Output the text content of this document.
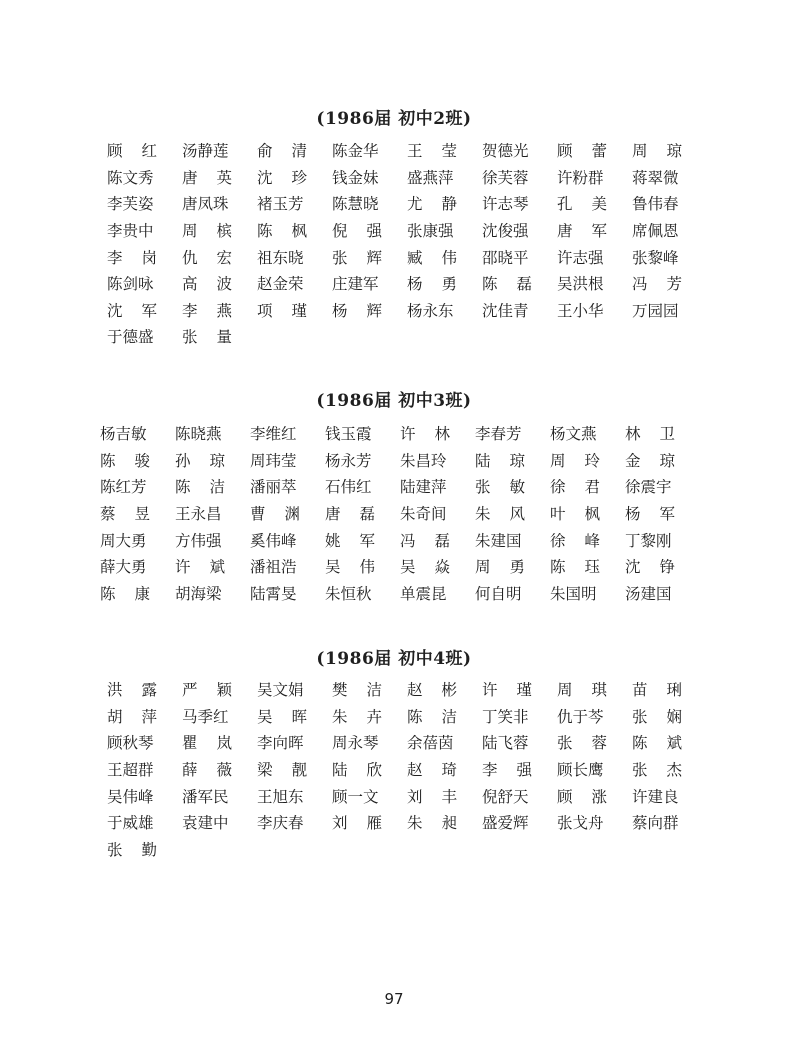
(1986届 初中2班)
顾 红 汤静莲 俞 清 陈金华 王 莹 贺德光 顾 蕾 周 琼
陈文秀 唐 英 沈 珍 钱金妹 盛燕萍 徐芙蓉 许粉群 蒋翠微
李芙姿 唐凤珠 褚玉芳 陈慧晓 尤 静 许志琴 孔 美 鲁伟春
李贵中 周 槟 陈 枫 倪 强 张康强 沈俊强 唐 军 席佩恩
李 岗 仇 宏 祖东晓 张 辉 臧 伟 邵晓平 许志强 张黎峰
陈剑咏 高 波 赵金荣 庄建军 杨 勇 陈 磊 吴洪根 冯 芳
沈 军 李 燕 项 瑾 杨 辉 杨永东 沈佳青 王小华 万园园
于德盛 张 量
(1986届 初中3班)
杨吉敏 陈晓燕 李维红 钱玉霞 许 林 李春芳 杨文燕 林 卫
陈 骏 孙 琼 周玮莹 杨永芳 朱昌玲 陆 琼 周 玲 金 琼
陈红芳 陈 洁 潘丽萃 石伟红 陆建萍 张 敏 徐 君 徐震宇
蔡 昱 王永昌 曹 渊 唐 磊 朱奇间 朱 风 叶 枫 杨 军
周大勇 方伟强 奚伟峰 姚 军 冯 磊 朱建国 徐 峰 丁黎刚
薛大勇 许 斌 潘祖浩 吴 伟 吴 焱 周 勇 陈 珏 沈 铮
陈 康 胡海梁 陆霄旻 朱恒秋 单震昆 何自明 朱国明 汤建国
(1986届 初中4班)
洪 露 严 颖 吴文娟 樊 洁 赵 彬 许 瑾 周 琪 苗 琍
胡 萍 马季红 吴 晖 朱 卉 陈 洁 丁笑非 仇于芩 张 娴
顾秋琴 瞿 岚 李向晖 周永琴 余蓓茵 陆飞蓉 张 蓉 陈 斌
王超群 薛 薇 梁 靓 陆 欣 赵 琦 李 强 顾长鹰 张 杰
吴伟峰 潘军民 王旭东 顾一文 刘 丰 倪舒天 顾 涨 许建良
于威雄 袁建中 李庆春 刘 雁 朱 昶 盛爱辉 张戈舟 蔡向群
张 勤
97
